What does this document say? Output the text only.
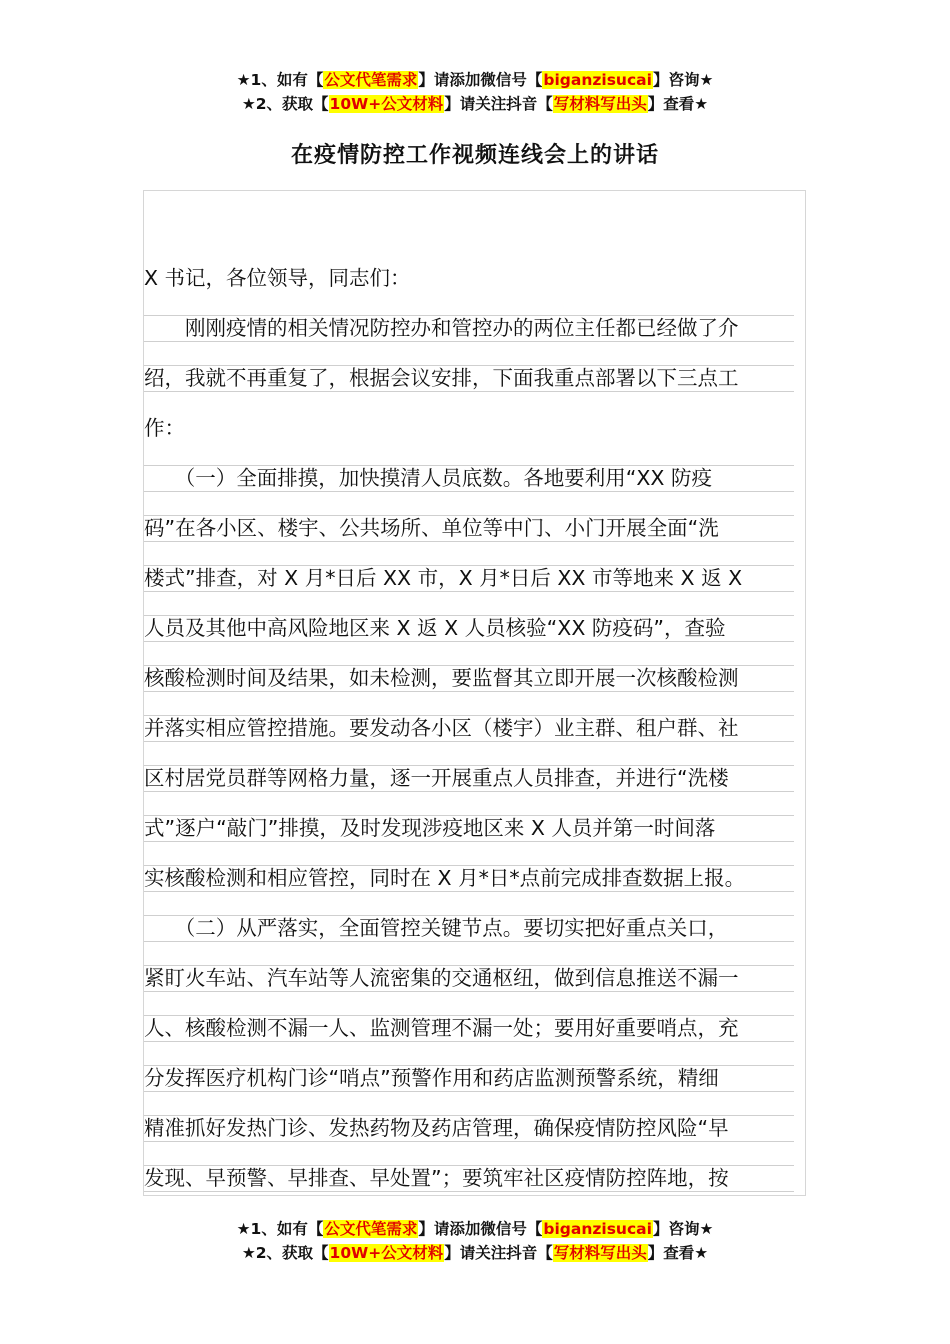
★1、如有【公文代笔需求】请添加微信号【biganzisucai】咨询★
★2、获取【10W+公文材料】请关注抖音【写材料写出头】查看★
在疫情防控工作视频连线会上的讲话
X 书记，各位领导，同志们：
　　刚刚疫情的相关情况防控办和管控办的两位主任都已经做了介
绍，我就不再重复了，根据会议安排，下面我重点部署以下三点工
作：
　　（一）全面排摸，加快摸清人员底数。各地要利用“XX 防疫
码”在各小区、楼宇、公共场所、单位等中门、小门开展全面“洗
楼式”排查，对 X 月*日后 XX 市，X 月*日后 XX 市等地来 X 返 X
人员及其他中高风险地区来 X 返 X 人员核验“XX 防疫码”，查验
核酸检测时间及结果，如未检测，要监督其立即开展一次核酸检测
并落实相应管控措施。要发动各小区（楼宇）业主群、租户群、社
区村居党员群等网格力量，逐一开展重点人员排查，并进行“洗楼
式”逐户“敲门”排摸，及时发现涉疫地区来 X 人员并第一时间落
实核酸检测和相应管控，同时在 X 月*日*点前完成排查数据上报。
　　（二）从严落实，全面管控关键节点。要切实把好重点关口，
紧盯火车站、汽车站等人流密集的交通枢纽，做到信息推送不漏一
人、核酸检测不漏一人、监测管理不漏一处；要用好重要哨点，充
分发挥医疗机构门诊“哨点”预警作用和药店监测预警系统，精细
精准抓好发热门诊、发热药物及药店管理，确保疫情防控风险“早
发现、早预警、早排查、早处置”；要筑牢社区疫情防控阵地，按
★1、如有【公文代笔需求】请添加微信号【biganzisucai】咨询★
★2、获取【10W+公文材料】请关注抖音【写材料写出头】查看★
